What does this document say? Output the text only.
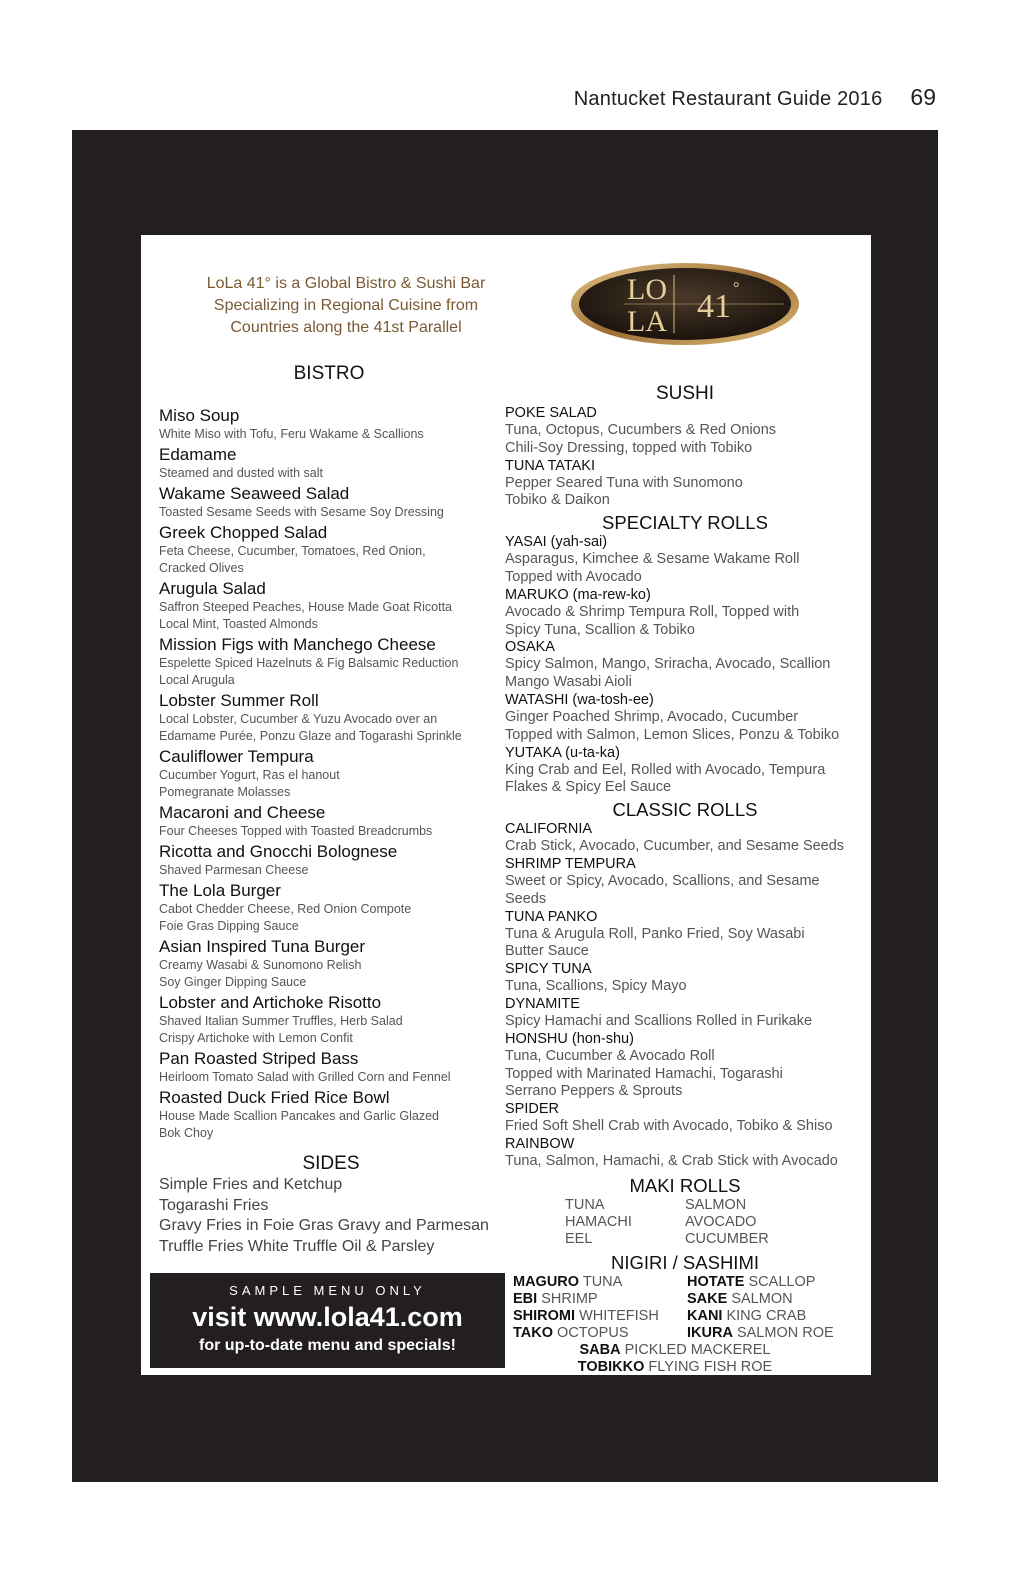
Nantucket Restaurant Guide 2016 69
LoLa 41° is a Global Bistro & Sushi Bar
Specializing in Regional Cuisine from
Countries along the 41st Parallel
LO
LA 41 °
BISTRO
Miso Soup
White Miso with Tofu, Feru Wakame & Scallions
Edamame
Steamed and dusted with salt
Wakame Seaweed Salad
Toasted Sesame Seeds with Sesame Soy Dressing
Greek Chopped Salad
Feta Cheese, Cucumber, Tomatoes, Red Onion,
Cracked Olives
Arugula Salad
Saffron Steeped Peaches, House Made Goat Ricotta
Local Mint, Toasted Almonds
Mission Figs with Manchego Cheese
Espelette Spiced Hazelnuts & Fig Balsamic Reduction
Local Arugula
Lobster Summer Roll
Local Lobster, Cucumber & Yuzu Avocado over an
Edamame Purée, Ponzu Glaze and Togarashi Sprinkle
Cauliflower Tempura
Cucumber Yogurt, Ras el hanout
Pomegranate Molasses
Macaroni and Cheese
Four Cheeses Topped with Toasted Breadcrumbs
Ricotta and Gnocchi Bolognese
Shaved Parmesan Cheese
The Lola Burger
Cabot Chedder Cheese, Red Onion Compote
Foie Gras Dipping Sauce
Asian Inspired Tuna Burger
Creamy Wasabi & Sunomono Relish
Soy Ginger Dipping Sauce
Lobster and Artichoke Risotto
Shaved Italian Summer Truffles, Herb Salad
Crispy Artichoke with Lemon Confit
Pan Roasted Striped Bass
Heirloom Tomato Salad with Grilled Corn and Fennel
Roasted Duck Fried Rice Bowl
House Made Scallion Pancakes and Garlic Glazed
Bok Choy
SIDES
Simple Fries and Ketchup
Togarashi Fries
Gravy Fries in Foie Gras Gravy and Parmesan
Truffle Fries White Truffle Oil & Parsley
SAMPLE MENU ONLY
visit www.lola41.com
for up-to-date menu and specials!
SUSHI
POKE SALAD
Tuna, Octopus, Cucumbers & Red Onions
Chili-Soy Dressing, topped with Tobiko
TUNA TATAKI
Pepper Seared Tuna with Sunomono
Tobiko & Daikon
SPECIALTY ROLLS
YASAI (yah-sai)
Asparagus, Kimchee & Sesame Wakame Roll
Topped with Avocado
MARUKO (ma-rew-ko)
Avocado & Shrimp Tempura Roll, Topped with
Spicy Tuna, Scallion & Tobiko
OSAKA
Spicy Salmon, Mango, Sriracha, Avocado, Scallion
Mango Wasabi Aioli
WATASHI (wa-tosh-ee)
Ginger Poached Shrimp, Avocado, Cucumber
Topped with Salmon, Lemon Slices, Ponzu & Tobiko
YUTAKA (u-ta-ka)
King Crab and Eel, Rolled with Avocado, Tempura
Flakes & Spicy Eel Sauce
CLASSIC ROLLS
CALIFORNIA
Crab Stick, Avocado, Cucumber, and Sesame Seeds
SHRIMP TEMPURA
Sweet or Spicy, Avocado, Scallions, and Sesame
Seeds
TUNA PANKO
Tuna & Arugula Roll, Panko Fried, Soy Wasabi
Butter Sauce
SPICY TUNA
Tuna, Scallions, Spicy Mayo
DYNAMITE
Spicy Hamachi and Scallions Rolled in Furikake
HONSHU (hon-shu)
Tuna, Cucumber & Avocado Roll
Topped with Marinated Hamachi, Togarashi
Serrano Peppers & Sprouts
SPIDER
Fried Soft Shell Crab with Avocado, Tobiko & Shiso
RAINBOW
Tuna, Salmon, Hamachi, & Crab Stick with Avocado
MAKI ROLLS
TUNA	SALMON
HAMACHI	AVOCADO
EEL	CUCUMBER
NIGIRI / SASHIMI
MAGURO TUNA	HOTATE SCALLOP
EBI SHRIMP	SAKE SALMON
SHIROMI WHITEFISH	KANI KING CRAB
TAKO OCTOPUS	IKURA SALMON ROE
SABA PICKLED MACKEREL
TOBIKKO FLYING FISH ROE
